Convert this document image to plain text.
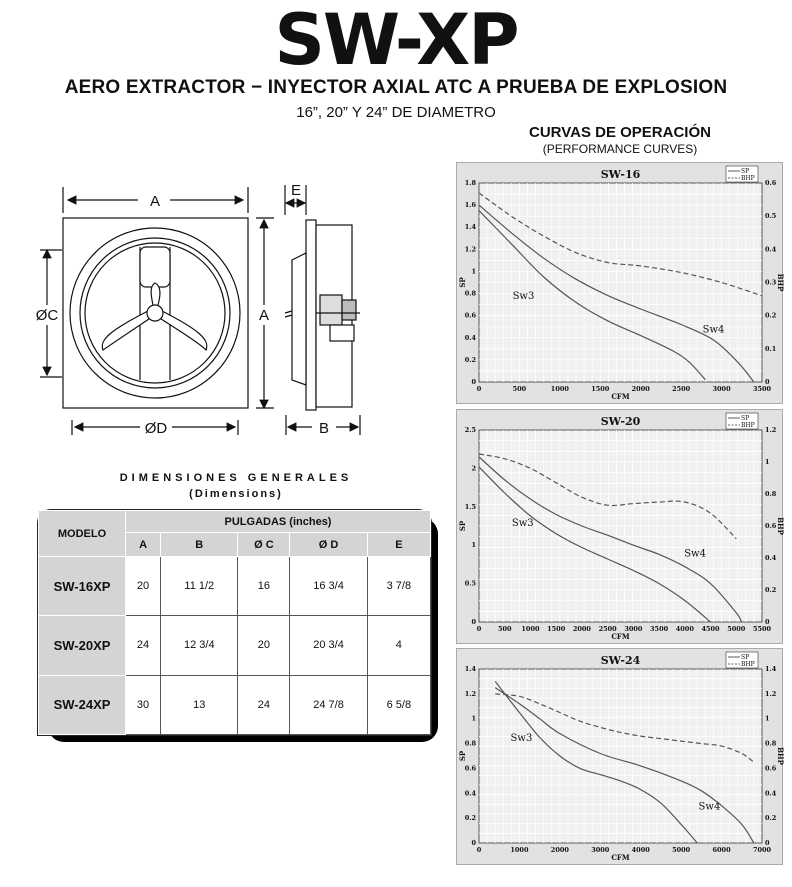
SW-XP
AERO EXTRACTOR − INYECTOR AXIAL ATC A PRUEBA DE EXPLOSION
16”, 20” Y 24” DE DIAMETRO
A
E
ØC	A
ØD	B
DIMENSIONES GENERALES
(Dimensions)
MODELO	PULGADAS (inches)				
	A	B	Ø C	Ø D	E
SW-16XP	20	11 1/2	16	16 3/4	3 7/8
SW-20XP	24	12 3/4	20	20 3/4	4
SW-24XP	30	13	24	24 7/8	6 5/8
CURVAS DE OPERACIÓN
(PERFORMANCE CURVES)
SW-16	SP
BHP
0	500	1000	1500	2000	2500	3000	3500
0
0.2
0.4
0.6
0.8
1
1.2
1.4
1.6
1.8
0
0.1
0.2
0.3
0.4
0.5
0.6
CFM
SP	BHP
Sw3
Sw4
SW-20	SP
BHP
0	500 1000 1500 2000 2500 3000 3500 4000 4500 5000 5500
0
0.5
1
1.5
2
2.5
0
0.2
0.4
0.6
0.8
1
1.2
CFM
SP	BHP
Sw3
Sw4
SW-24	SP
BHP
0	1000	2000	3000	4000	5000	6000	7000
0
0.2
0.4
0.6
0.8
1
1.2
1.4
0
0.2
0.4
0.6
0.8
1
1.2
1.4
CFM
SP	BHP
Sw3
Sw4
